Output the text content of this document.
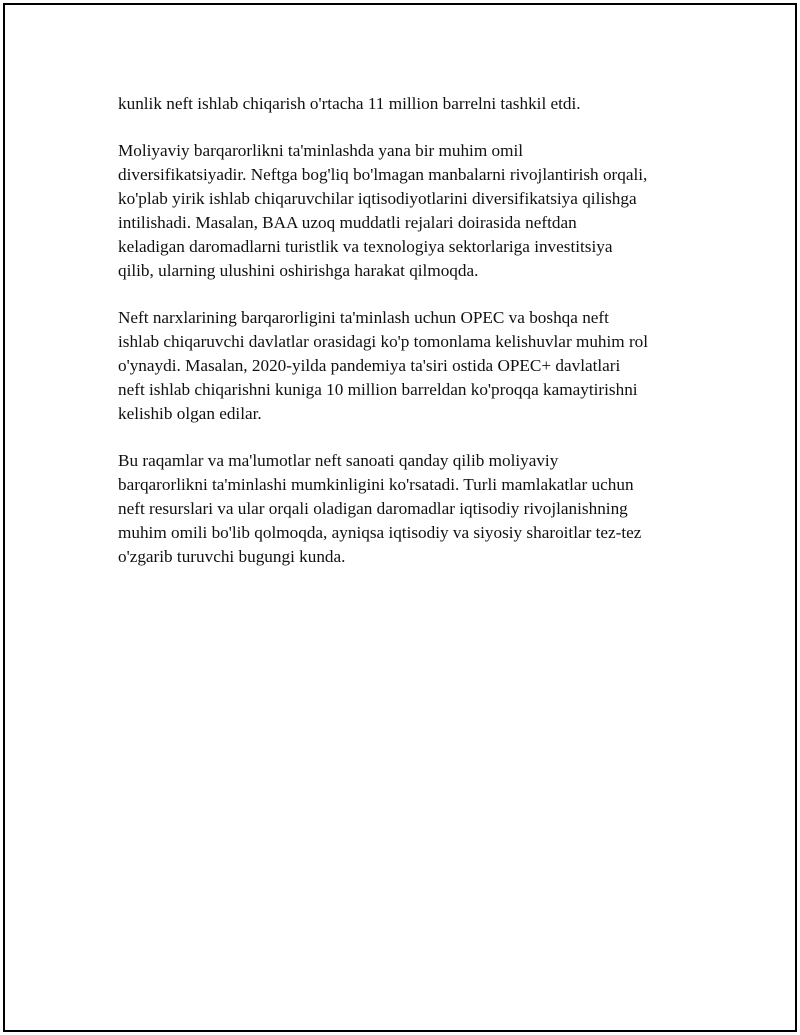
kunlik neft ishlab chiqarish o'rtacha 11 million barrelni tashkil etdi.

Moliyaviy barqarorlikni ta'minlashda yana bir muhim omil
diversifikatsiyadir. Neftga bog'liq bo'lmagan manbalarni rivojlantirish orqali,
ko'plab yirik ishlab chiqaruvchilar iqtisodiyotlarini diversifikatsiya qilishga
intilishadi. Masalan, BAA uzoq muddatli rejalari doirasida neftdan
keladigan daromadlarni turistlik va texnologiya sektorlariga investitsiya
qilib, ularning ulushini oshirishga harakat qilmoqda.

Neft narxlarining barqarorligini ta'minlash uchun OPEC va boshqa neft
ishlab chiqaruvchi davlatlar orasidagi ko'p tomonlama kelishuvlar muhim rol
o'ynaydi. Masalan, 2020-yilda pandemiya ta'siri ostida OPEC+ davlatlari
neft ishlab chiqarishni kuniga 10 million barreldan ko'proqqa kamaytirishni
kelishib olgan edilar.

Bu raqamlar va ma'lumotlar neft sanoati qanday qilib moliyaviy
barqarorlikni ta'minlashi mumkinligini ko'rsatadi. Turli mamlakatlar uchun
neft resurslari va ular orqali oladigan daromadlar iqtisodiy rivojlanishning
muhim omili bo'lib qolmoqda, ayniqsa iqtisodiy va siyosiy sharoitlar tez-tez
o'zgarib turuvchi bugungi kunda.
